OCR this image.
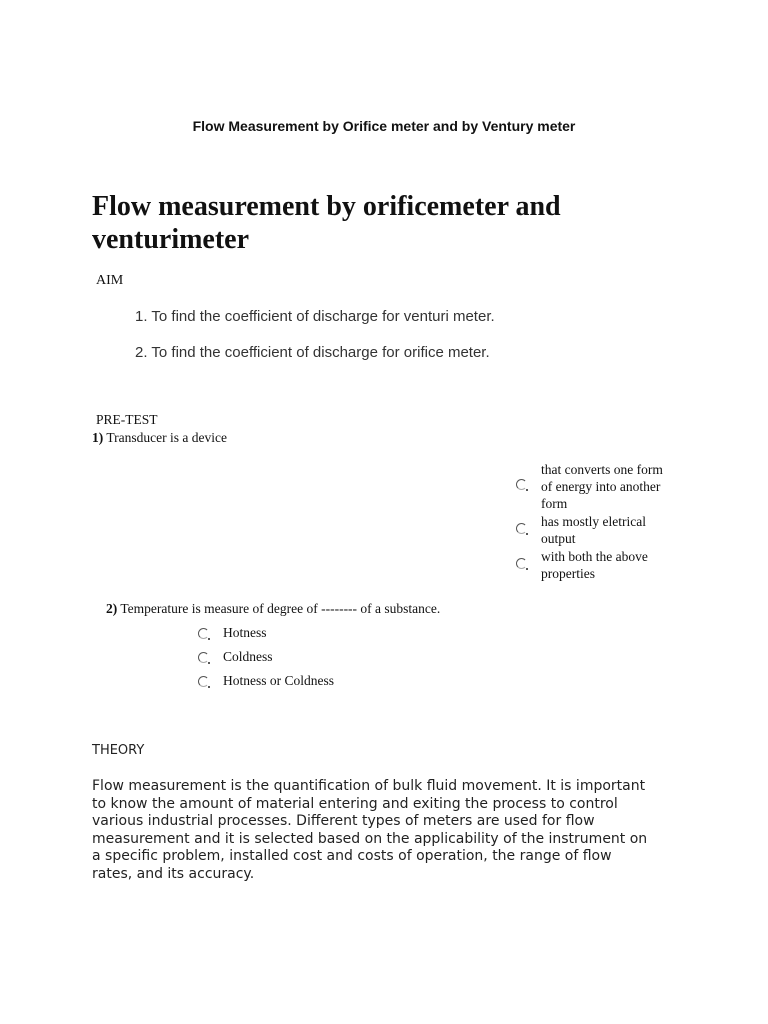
Flow Measurement by Orifice meter and by Ventury meter
Flow measurement by orificemeter and venturimeter
AIM
1. To find the coefficient of discharge for venturi meter.
2. To find the coefficient of discharge for orifice meter.
PRE-TEST
1) Transducer is a device
that converts one form of energy into another form
has mostly eletrical output
with both the above properties
2) Temperature is measure of degree of -------- of a substance.
Hotness
Coldness
Hotness or Coldness
THEORY
Flow measurement is the quantification of bulk fluid movement. It is important to know the amount of material entering and exiting the process to control various industrial processes. Different types of meters are used for flow measurement and it is selected based on the applicability of the instrument on a specific problem, installed cost and costs of operation, the range of flow rates, and its accuracy.
